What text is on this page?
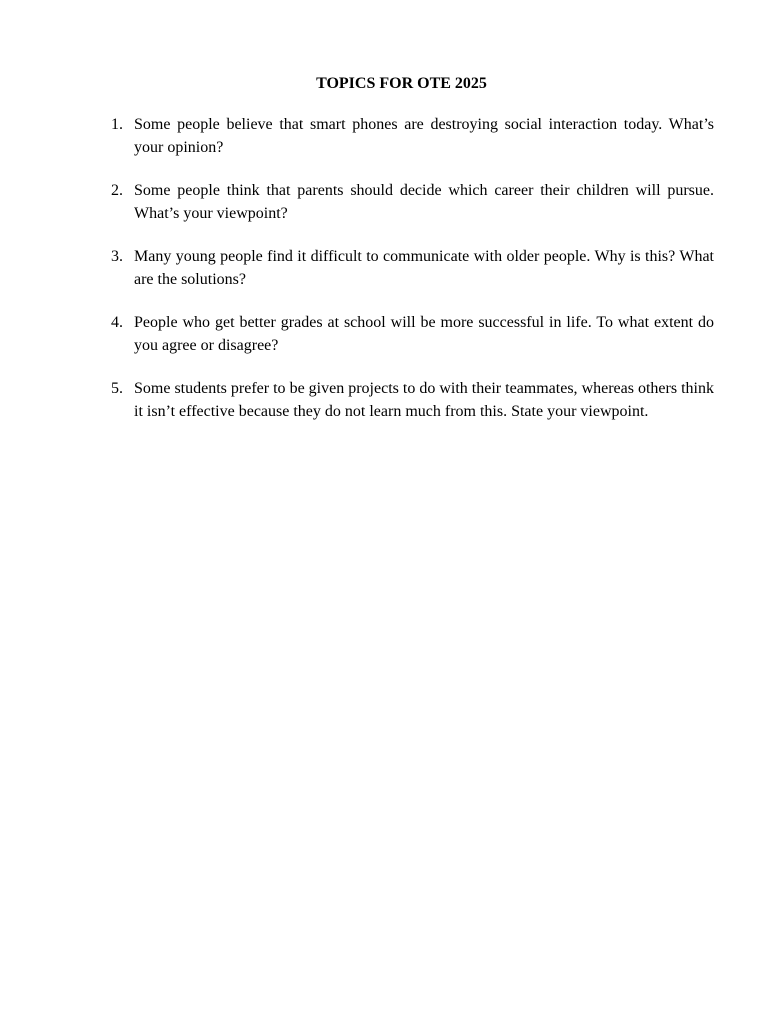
TOPICS FOR OTE 2025
1. Some people believe that smart phones are destroying social interaction today. What’s your opinion?
2. Some people think that parents should decide which career their children will pursue. What’s your viewpoint?
3. Many young people find it difficult to communicate with older people. Why is this? What are the solutions?
4. People who get better grades at school will be more successful in life. To what extent do you agree or disagree?
5. Some students prefer to be given projects to do with their teammates, whereas others think it isn’t effective because they do not learn much from this. State your viewpoint.
